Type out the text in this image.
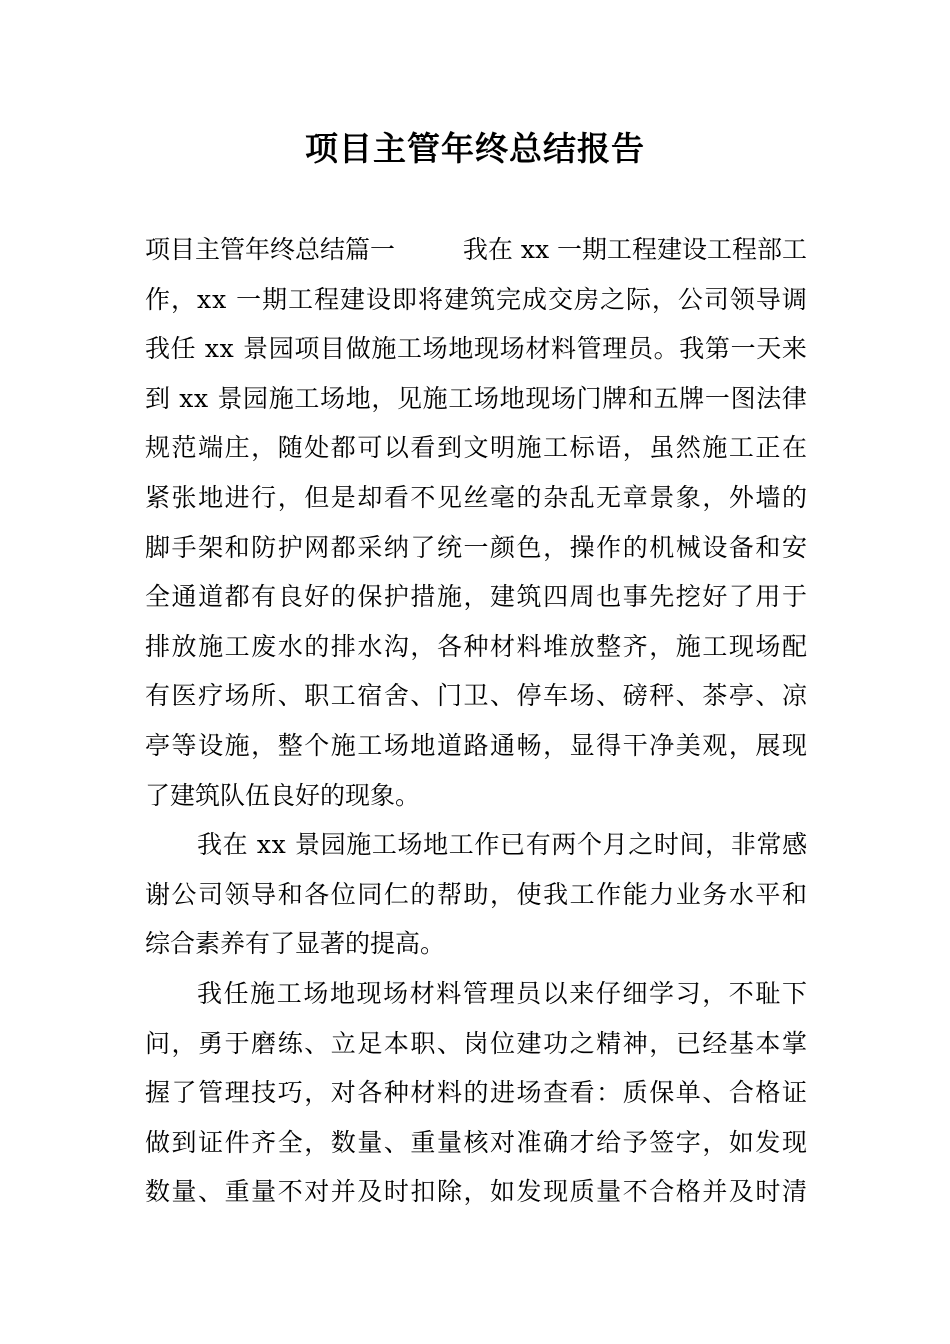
项目主管年终总结报告
项目主管年终总结篇一	我在 xx 一期工程建设工程部工
作，xx 一期工程建设即将建筑完成交房之际，公司领导调
我任 xx 景园项目做施工场地现场材料管理员。我第一天来
到 xx 景园施工场地，见施工场地现场门牌和五牌一图法律
规范端庄，随处都可以看到文明施工标语，虽然施工正在
紧张地进行，但是却看不见丝毫的杂乱无章景象，外墙的
脚手架和防护网都采纳了统一颜色，操作的机械设备和安
全通道都有良好的保护措施，建筑四周也事先挖好了用于
排放施工废水的排水沟，各种材料堆放整齐，施工现场配
有医疗场所、职工宿舍、门卫、停车场、磅秤、茶亭、凉
亭等设施，整个施工场地道路通畅，显得干净美观，展现
了建筑队伍良好的现象。
我在 xx 景园施工场地工作已有两个月之时间，非常感
谢公司领导和各位同仁的帮助，使我工作能力业务水平和
综合素养有了显著的提高。
我任施工场地现场材料管理员以来仔细学习，不耻下
问，勇于磨练、立足本职、岗位建功之精神，已经基本掌
握了管理技巧，对各种材料的进场查看：质保单、合格证
做到证件齐全，数量、重量核对准确才给予签字，如发现
数量、重量不对并及时扣除，如发现质量不合格并及时清
